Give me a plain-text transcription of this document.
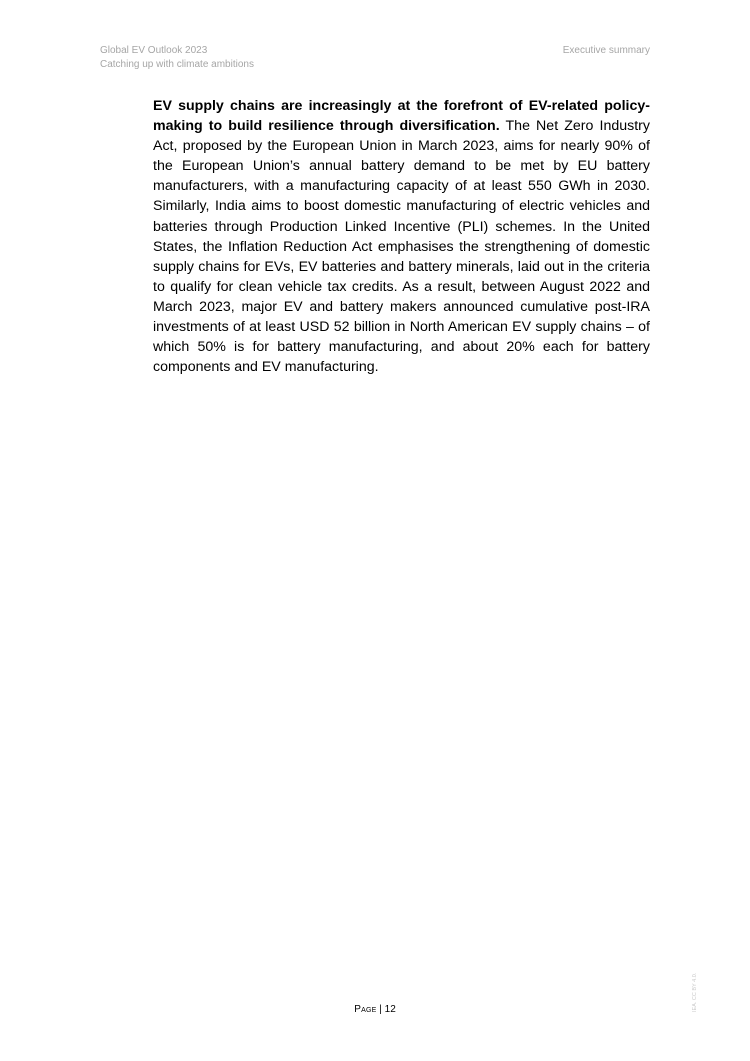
Global EV Outlook 2023
Catching up with climate ambitions
Executive summary

EV supply chains are increasingly at the forefront of EV-related policy-making to build resilience through diversification. The Net Zero Industry Act, proposed by the European Union in March 2023, aims for nearly 90% of the European Union’s annual battery demand to be met by EU battery manufacturers, with a manufacturing capacity of at least 550 GWh in 2030. Similarly, India aims to boost domestic manufacturing of electric vehicles and batteries through Production Linked Incentive (PLI) schemes. In the United States, the Inflation Reduction Act emphasises the strengthening of domestic supply chains for EVs, EV batteries and battery minerals, laid out in the criteria to qualify for clean vehicle tax credits. As a result, between August 2022 and March 2023, major EV and battery makers announced cumulative post-IRA investments of at least USD 52 billion in North American EV supply chains – of which 50% is for battery manufacturing, and about 20% each for battery components and EV manufacturing.

Page | 12	IEA. CC BY 4.0.
